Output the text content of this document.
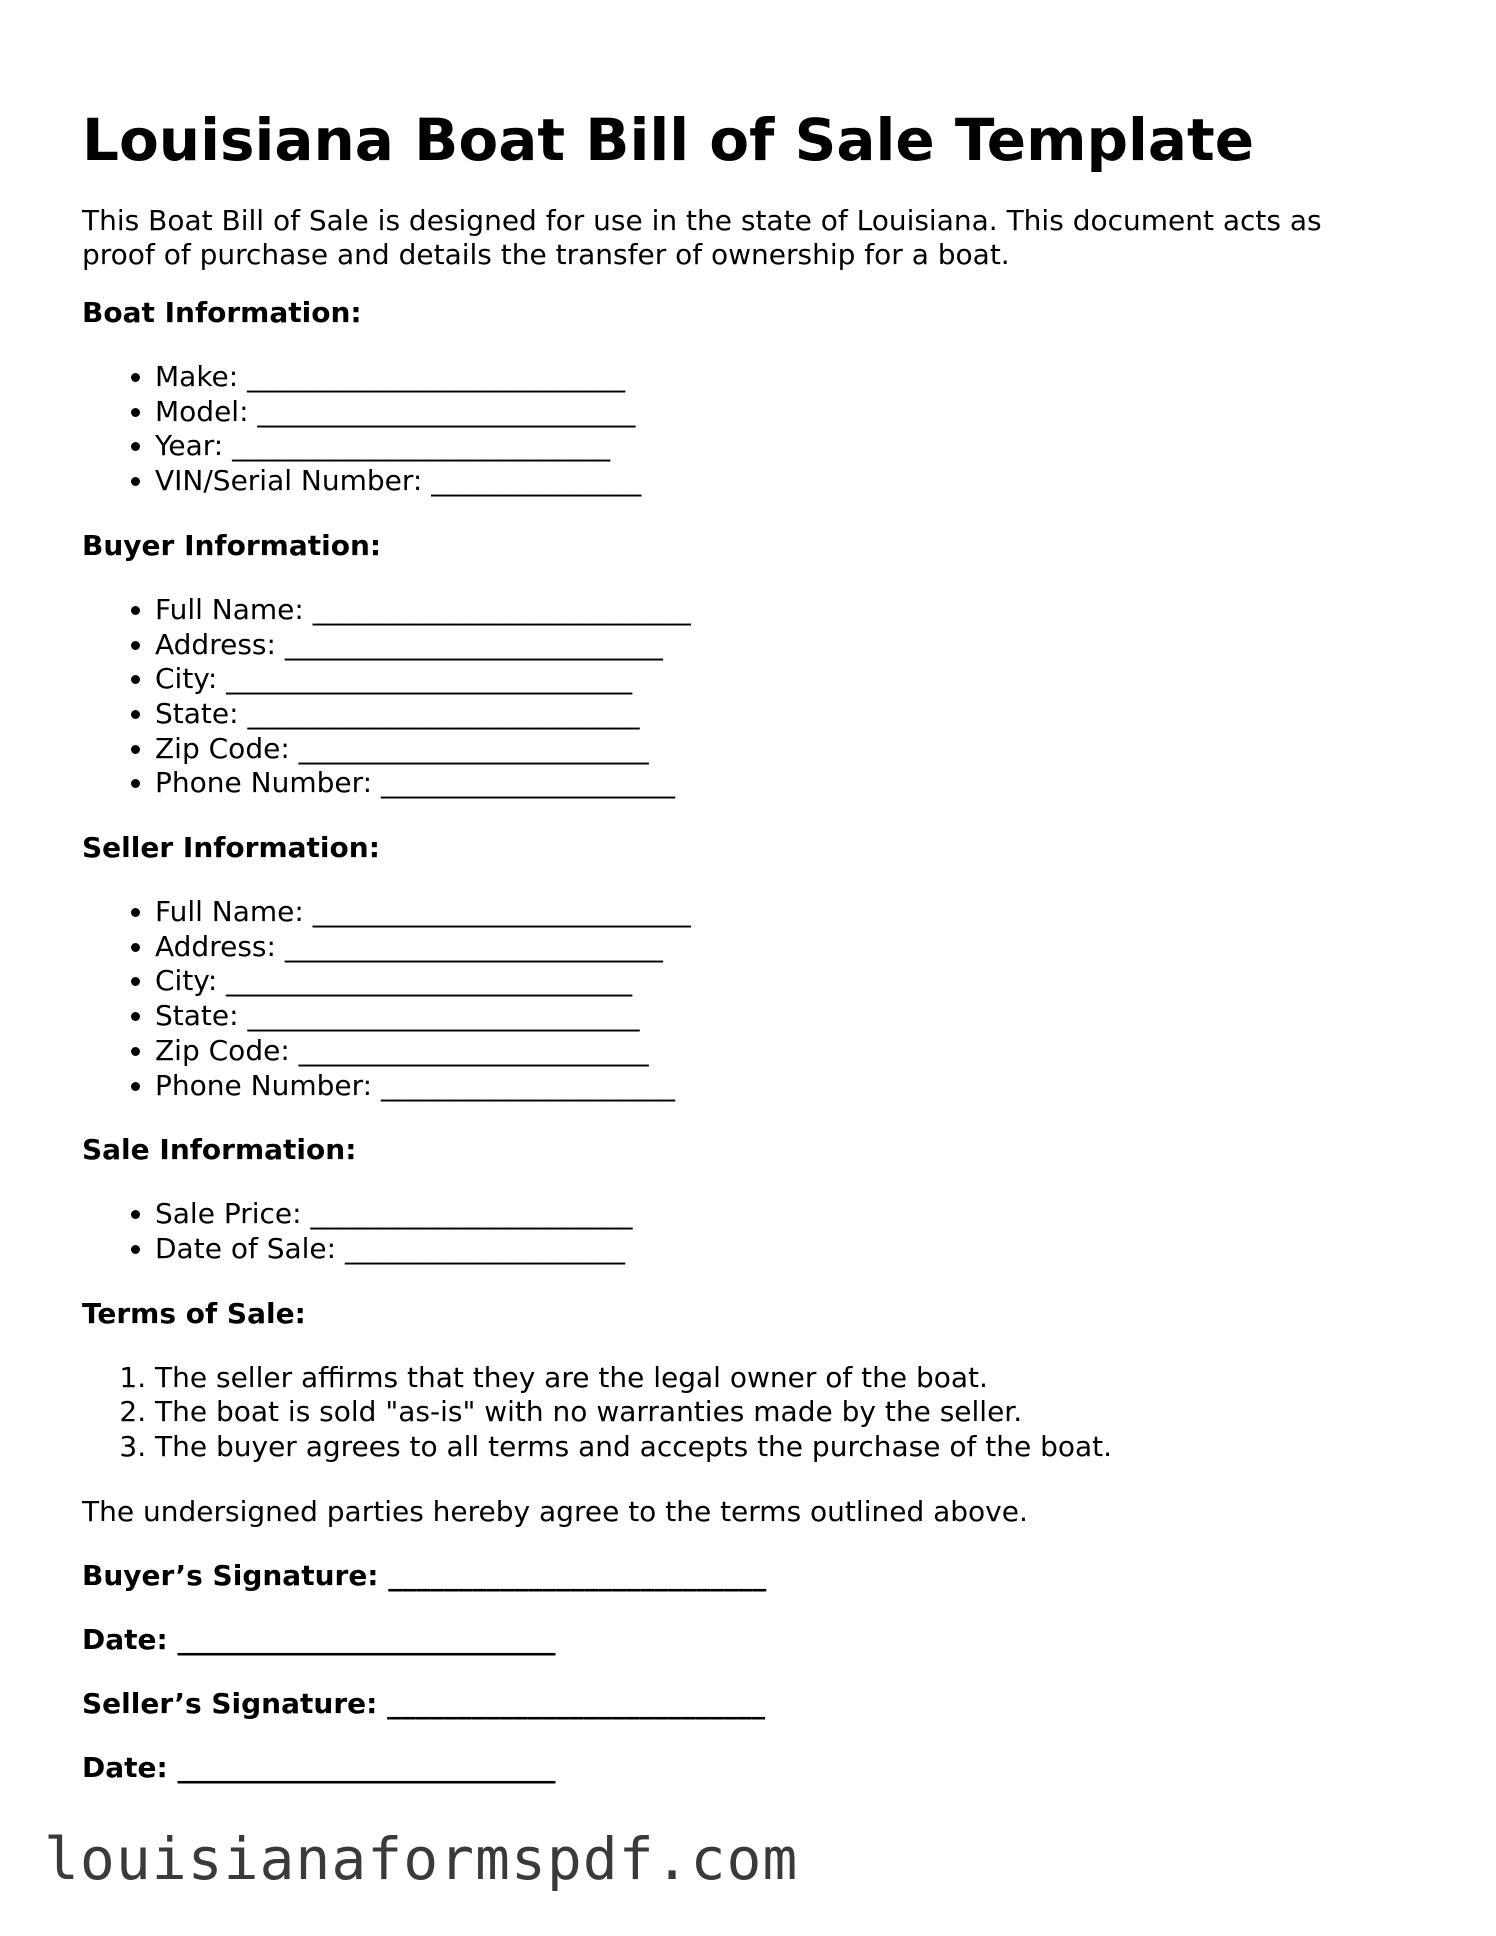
Louisiana Boat Bill of Sale Template

This Boat Bill of Sale is designed for use in the state of Louisiana. This document acts as proof of purchase and details the transfer of ownership for a boat.

Boat Information:
• Make: ___________________________
• Model: ___________________________
• Year: ___________________________
• VIN/Serial Number: _______________
Buyer Information:
• Full Name: ___________________________
• Address: ___________________________
• City: _____________________________
• State: ____________________________
• Zip Code: _________________________
• Phone Number: _____________________
Seller Information:
• Full Name: ___________________________
• Address: ___________________________
• City: _____________________________
• State: ____________________________
• Zip Code: _________________________
• Phone Number: _____________________
Sale Information:
• Sale Price: _______________________
• Date of Sale: ____________________
Terms of Sale:
1. The seller affirms that they are the legal owner of the boat.
2. The boat is sold "as-is" with no warranties made by the seller.
3. The buyer agrees to all terms and accepts the purchase of the boat.

The undersigned parties hereby agree to the terms outlined above.

Buyer’s Signature: ___________________________

Date: ___________________________

Seller’s Signature: ___________________________

Date: ___________________________

louisianaformspdf.com
